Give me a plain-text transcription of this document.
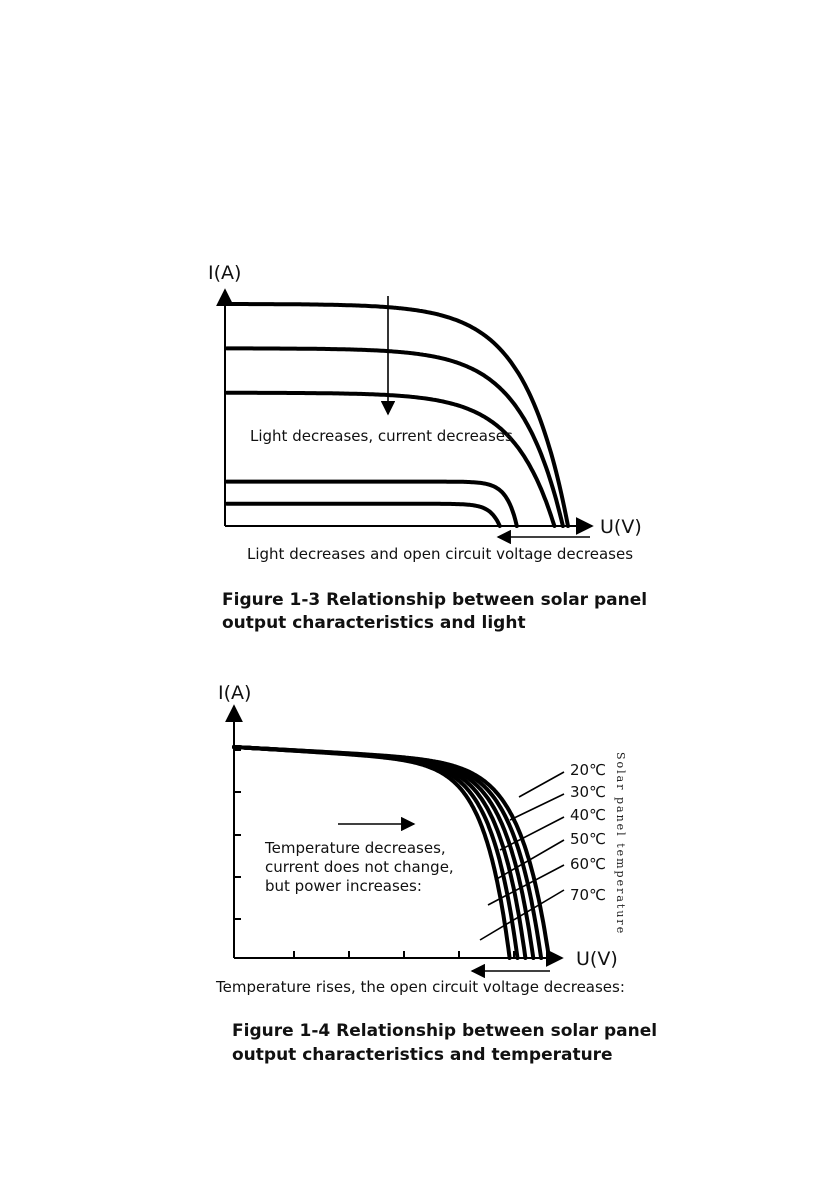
I(A)
U(V)
Light decreases, current decreases
Light decreases and open circuit voltage decreases
Figure 1-3 Relationship between solar panel
output characteristics and light
I(A)
U(V)
20℃
30℃
40℃
50℃
60℃
70℃ Solar panel temperature
Temperature decreases,
current does not change,
but power increases:
Temperature rises, the open circuit voltage decreases:
Figure 1-4 Relationship between solar panel
output characteristics and temperature
